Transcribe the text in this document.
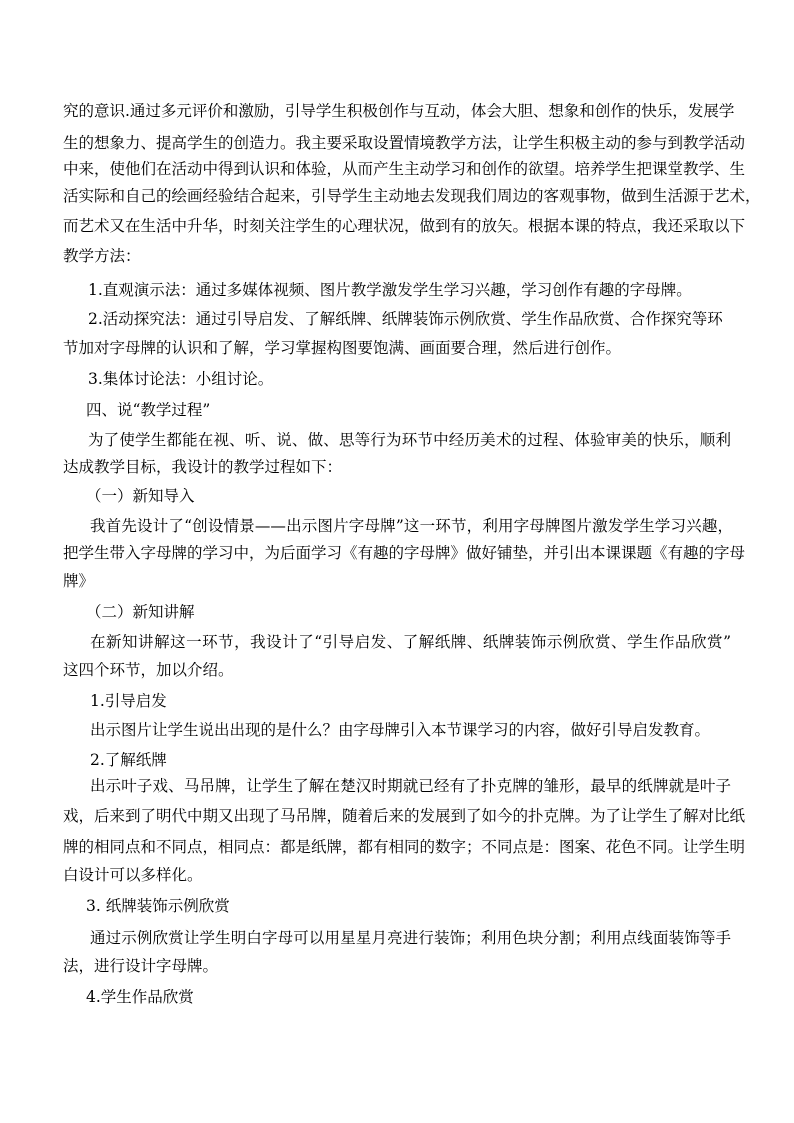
究的意识.通过多元评价和激励，引导学生积极创作与互动，体会大胆、想象和创作的快乐，发展学
生的想象力、提高学生的创造力。我主要采取设置情境教学方法，让学生积极主动的参与到教学活动
中来，使他们在活动中得到认识和体验，从而产生主动学习和创作的欲望。培养学生把课堂教学、生
活实际和自己的绘画经验结合起来，引导学生主动地去发现我们周边的客观事物，做到生活源于艺术，
而艺术又在生活中升华，时刻关注学生的心理状况，做到有的放矢。根据本课的特点，我还采取以下
教学方法：
1.直观演示法：通过多媒体视频、图片教学激发学生学习兴趣，学习创作有趣的字母牌。
2.活动探究法：通过引导启发、了解纸牌、纸牌装饰示例欣赏、学生作品欣赏、合作探究等环
节加对字母牌的认识和了解，学习掌握构图要饱满、画面要合理，然后进行创作。
3.集体讨论法：小组讨论。
四、说“教学过程”
为了使学生都能在视、听、说、做、思等行为环节中经历美术的过程、体验审美的快乐，顺利
达成教学目标，我设计的教学过程如下：
（一）新知导入
我首先设计了“创设情景——出示图片字母牌”这一环节，利用字母牌图片激发学生学习兴趣，
把学生带入字母牌的学习中，为后面学习《有趣的字母牌》做好铺垫，并引出本课课题《有趣的字母
牌》
（二）新知讲解
在新知讲解这一环节，我设计了“引导启发、了解纸牌、纸牌装饰示例欣赏、学生作品欣赏”
这四个环节，加以介绍。
1.引导启发
出示图片让学生说出出现的是什么？由字母牌引入本节课学习的内容，做好引导启发教育。
2.了解纸牌
出示叶子戏、马吊牌，让学生了解在楚汉时期就已经有了扑克牌的雏形，最早的纸牌就是叶子
戏，后来到了明代中期又出现了马吊牌，随着后来的发展到了如今的扑克牌。为了让学生了解对比纸
牌的相同点和不同点，相同点：都是纸牌，都有相同的数字；不同点是：图案、花色不同。让学生明
白设计可以多样化。
3. 纸牌装饰示例欣赏
通过示例欣赏让学生明白字母可以用星星月亮进行装饰；利用色块分割；利用点线面装饰等手
法，进行设计字母牌。
4.学生作品欣赏
